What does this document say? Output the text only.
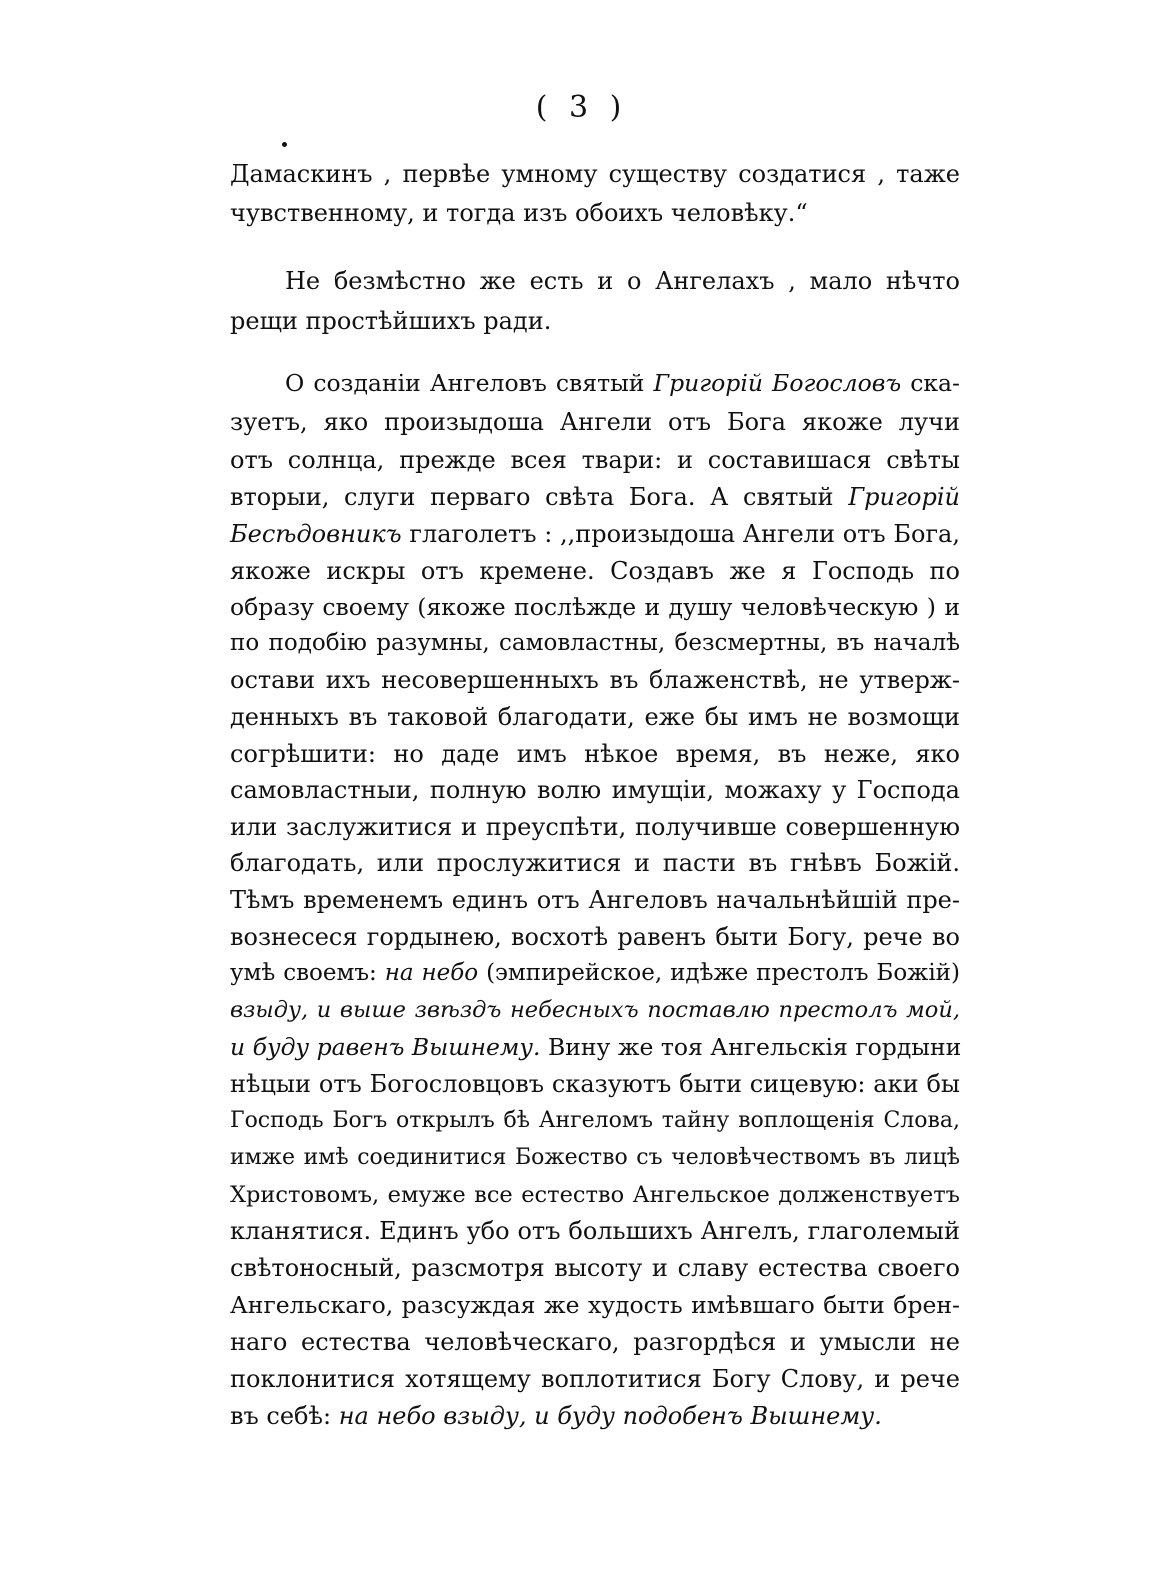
( 3 )
Дамаскинъ , первѣе умному существу создатися , таже
чувственному, и тогда изъ обоихъ человѣку.“
Не безмѣстно же есть и о Ангелахъ , мало нѣчто
рещи простѣйшихъ ради.
О созданіи Ангеловъ святый Григорій Богословъ ска-
зуетъ, яко произыдоша Ангели отъ Бога якоже лучи
отъ солнца, прежде всея твари: и составишася свѣты
вторыи, слуги перваго свѣта Бога. А святый Григорій
Бесѣдовникъ глаголетъ : ,,произыдоша Ангели отъ Бога,
якоже искры отъ кремене. Создавъ же я Господь по
образу своему (якоже послѣжде и душу человѣческую ) и
по подобію разумны, самовластны, безсмертны, въ началѣ
остави ихъ несовершенныхъ въ блаженствѣ, не утверж-
денныхъ въ таковой благодати, еже бы имъ не возмощи
согрѣшити: но даде имъ нѣкое время, въ неже, яко
самовластныи, полную волю имущіи, можаху у Господа
или заслужитися и преуспѣти, получивше совершенную
благодать, или прослужитися и пасти въ гнѣвъ Божій.
Тѣмъ временемъ единъ отъ Ангеловъ начальнѣйшій пре-
вознесеся гордынею, восхотѣ равенъ быти Богу, рече во
умѣ своемъ: на небо (эмпирейское, идѣже престолъ Божій)
взыду, и выше звѣздъ небесныхъ поставлю престолъ мой,
и буду равенъ Вышнему. Вину же тоя Ангельскія гордыни
нѣцыи отъ Богословцовъ сказуютъ быти сицевую: аки бы
Господь Богъ открылъ бѣ Ангеломъ тайну воплощенія Слова,
имже имѣ соединитися Божество съ человѣчествомъ въ лицѣ
Христовомъ, емуже все естество Ангельское долженствуетъ
кланятися. Единъ убо отъ большихъ Ангелъ, глаголемый
свѣтоносный, разсмотря высоту и славу естества своего
Ангельскаго, разсуждая же худость имѣвшаго быти брен-
наго естества человѣческаго, разгордѣся и умысли не
поклонитися хотящему воплотитися Богу Слову, и рече
въ себѣ: на небо взыду, и буду подобенъ Вышнему.
